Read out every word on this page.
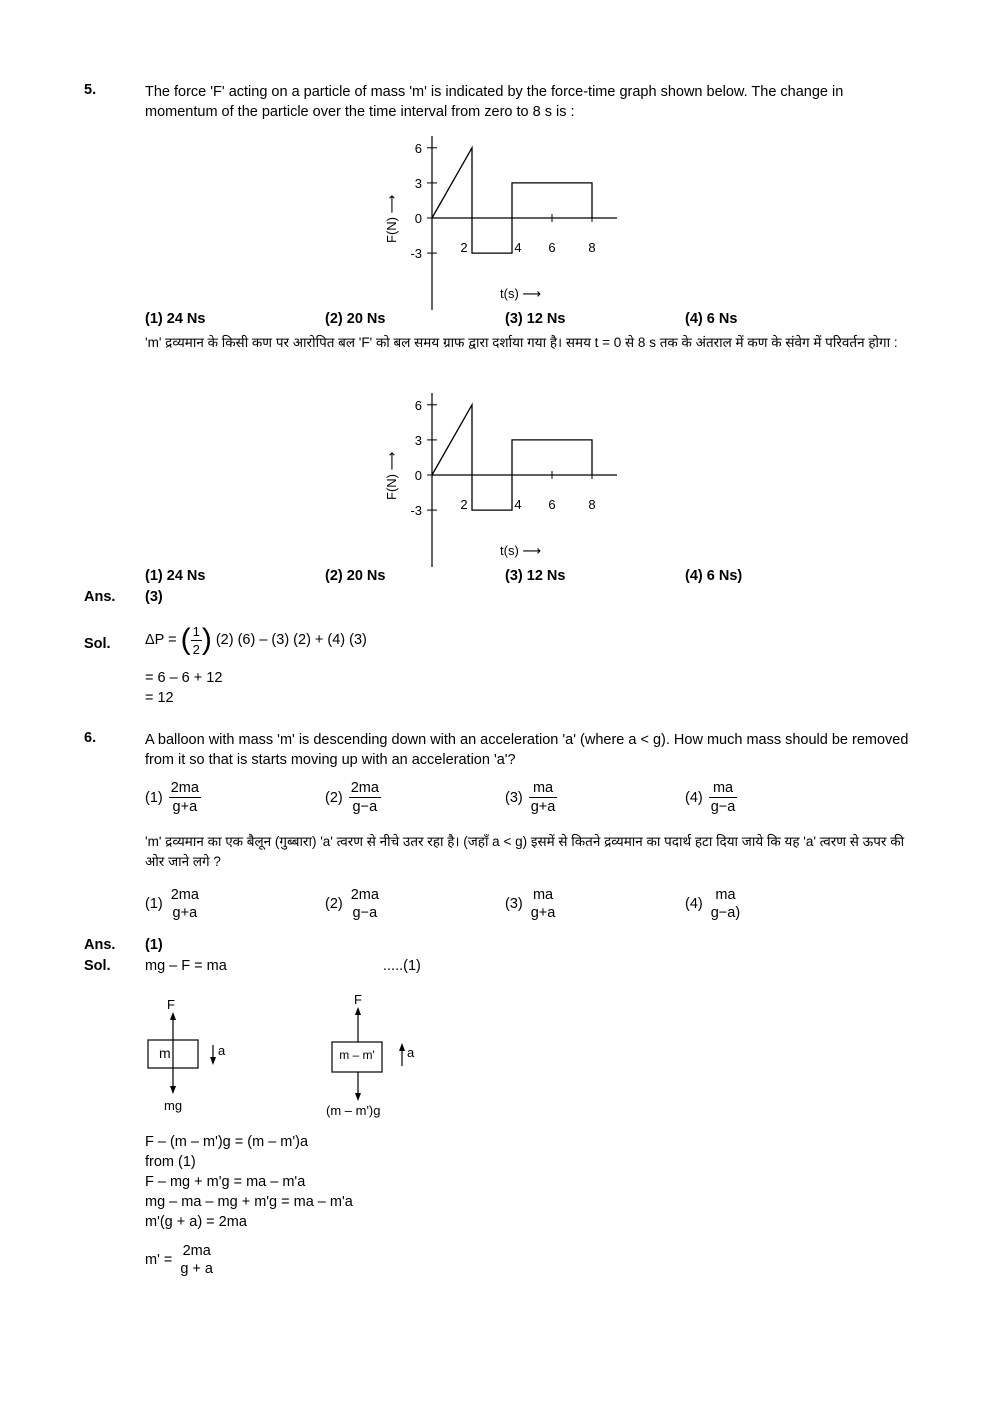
5.	The force 'F' acting on a particle of mass 'm' is indicated by the force-time graph shown below. The change in momentum of the particle over the time interval from zero to 8 s is :
6
3
0
-3	2	4 6	8
F(N) ⟶
t(s) ⟶
(1) 24 Ns	(2) 20 Ns	(3) 12 Ns	(4) 6 Ns
'm' द्रव्यमान के किसी कण पर आरोपित बल 'F' को बल समय ग्राफ द्वारा दर्शाया गया है। समय t = 0 से 8 s तक के अंतराल में कण के संवेग में परिवर्तन होगा :
6
3
0
-3	2	4 6	8
F(N) ⟶
t(s) ⟶
(1) 24 Ns	(2) 20 Ns	(3) 12 Ns	(4) 6 Ns)
Ans. (3)
Sol. ΔP = ( $\frac{1}{2}$ ) (2) (6) – (3) (2) + (4) (3)
= 6 – 6 + 12
= 12
6.	A balloon with mass 'm' is descending down with an acceleration 'a' (where a < g). How much mass should be removed from it so that is starts moving up with an acceleration 'a'?
$(1) \frac{2ma}{g+a}$	$(2) \frac{2ma}{g-a}$	$(3) \frac{ma}{g+a}$	$(4) \frac{ma}{g-a}$
'm' द्रव्यमान का एक बैलून (गुब्बारा) 'a' त्वरण से नीचे उतर रहा है। (जहाँ a < g) इसमें से कितने द्रव्यमान का पदार्थ हटा दिया जाये कि यह 'a' त्वरण से ऊपर की ओर जाने लगे ?
(1)
2ma
g+a
(2)
2ma
g−a
(3)
ma
g+a
(4)
ma
g−a)
Ans. (1)
Sol. mg – F = ma	.....(1)
F
m	a
mg
F
m – m'	a
(m – m')g
F – (m – m')g = (m – m')a
from (1)
F – mg + m'g = ma – m'a
mg – ma – mg + m'g = ma – m'a
m'(g + a) = 2ma
m' =
2ma
g + a
